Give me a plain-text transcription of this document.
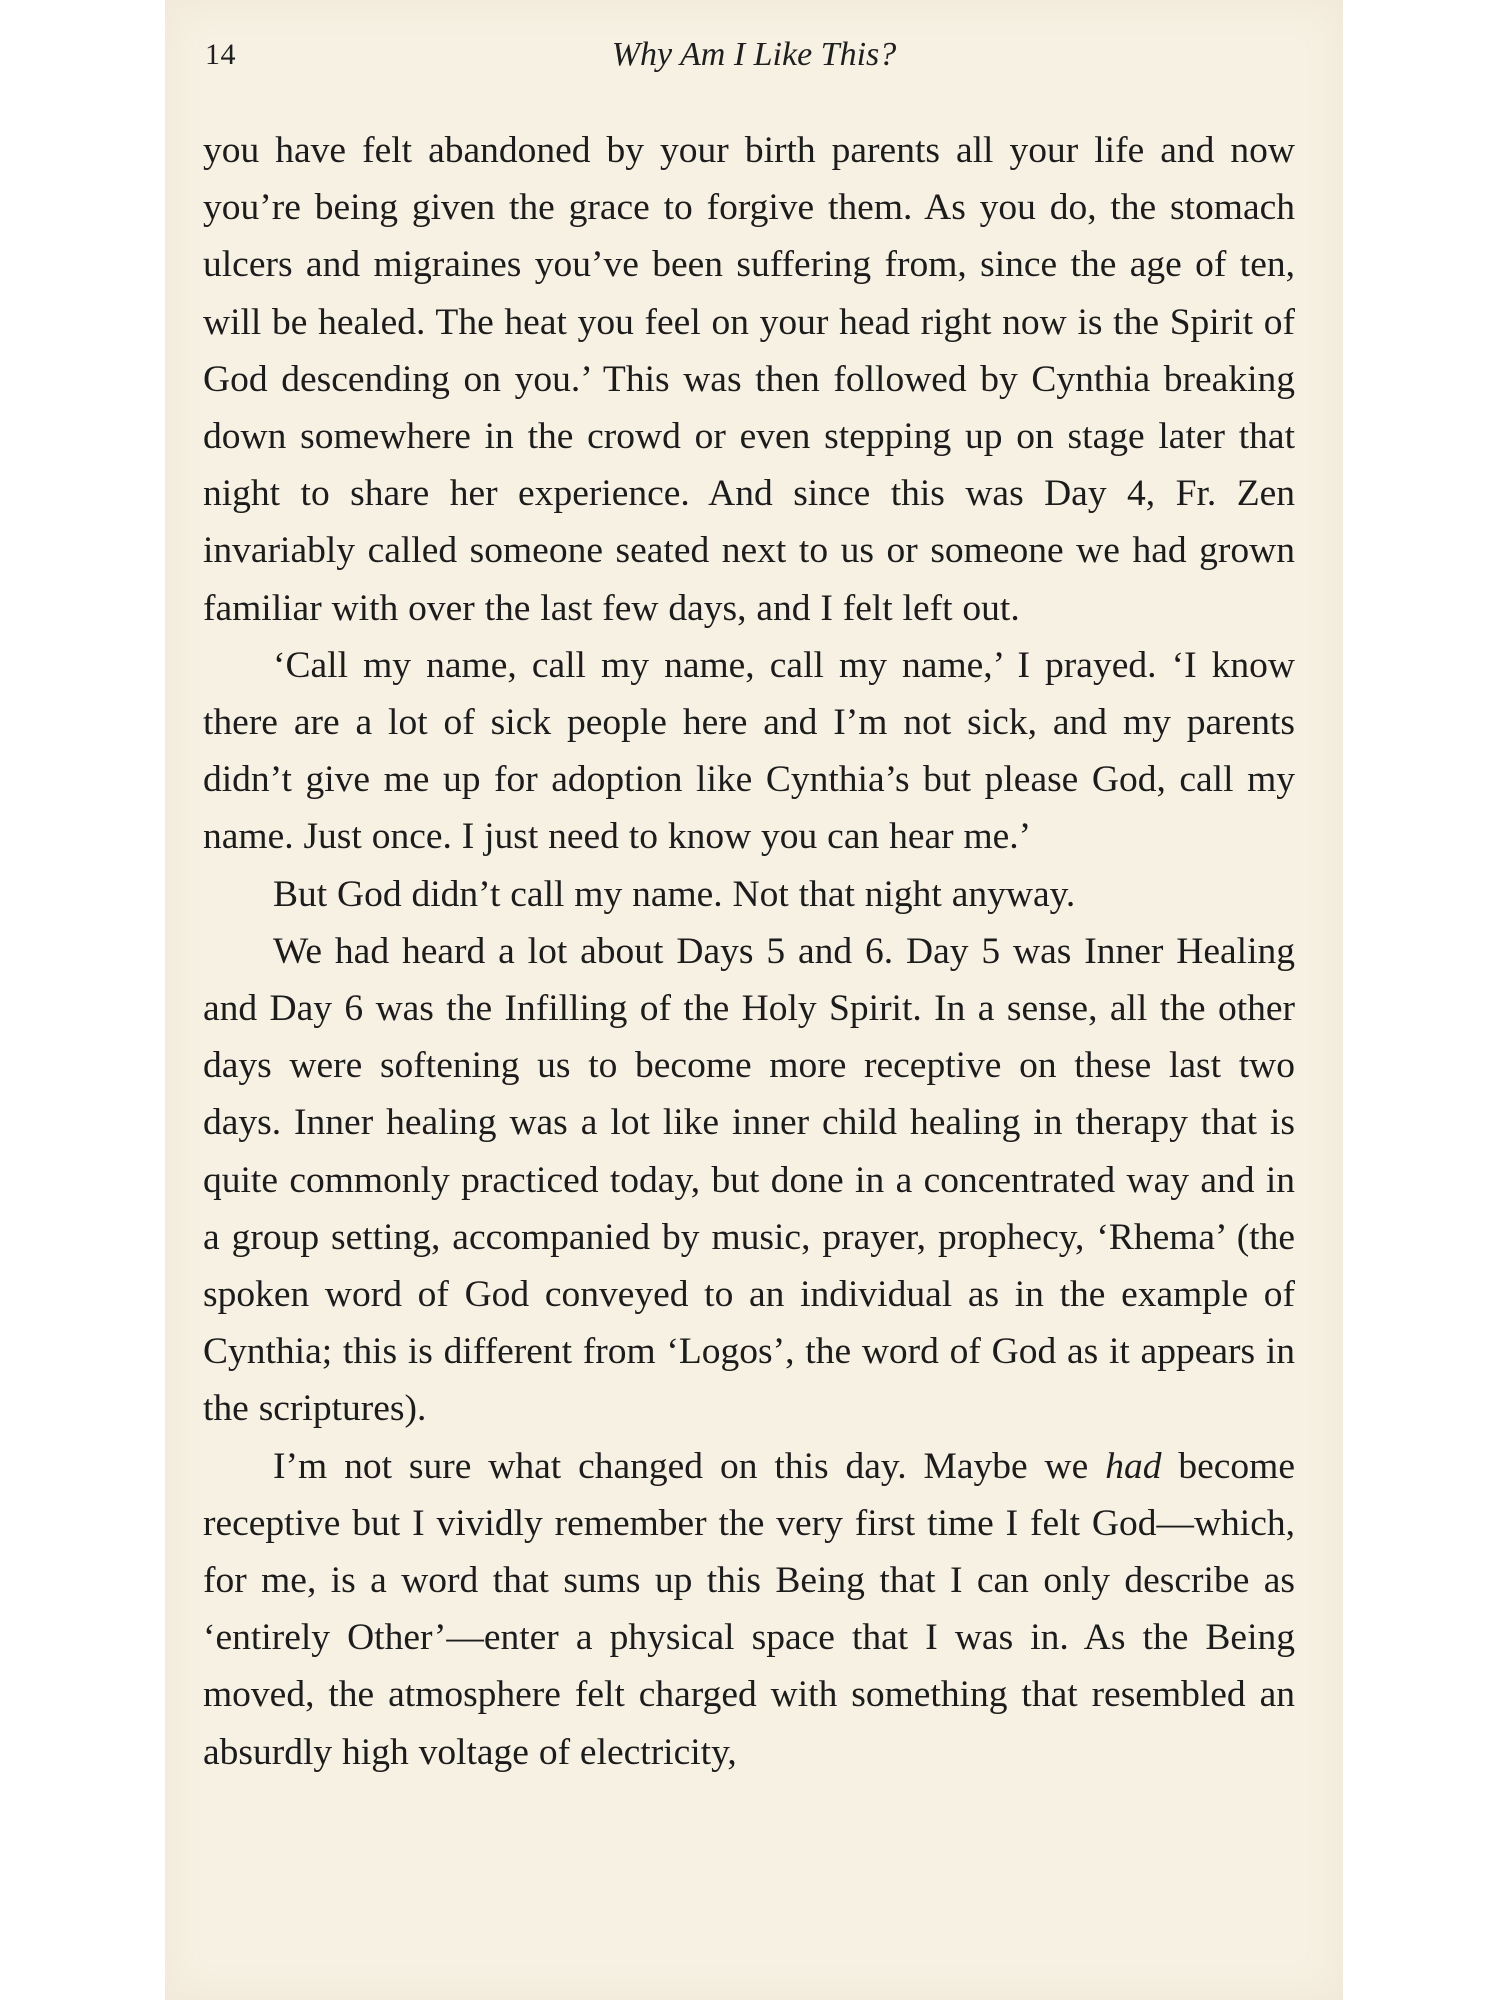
14	Why Am I Like This?

you have felt abandoned by your birth parents all your life and now you’re being given the grace to forgive them. As you do, the stomach ulcers and migraines you’ve been suffering from, since the age of ten, will be healed. The heat you feel on your head right now is the Spirit of God descending on you.’ This was then followed by Cynthia breaking down somewhere in the crowd or even stepping up on stage later that night to share her experience. And since this was Day 4, Fr. Zen invariably called someone seated next to us or someone we had grown familiar with over the last few days, and I felt left out.

‘Call my name, call my name, call my name,’ I prayed. ‘I know there are a lot of sick people here and I’m not sick, and my parents didn’t give me up for adoption like Cynthia’s but please God, call my name. Just once. I just need to know you can hear me.’

But God didn’t call my name. Not that night anyway.

We had heard a lot about Days 5 and 6. Day 5 was Inner Healing and Day 6 was the Infilling of the Holy Spirit. In a sense, all the other days were softening us to become more receptive on these last two days. Inner healing was a lot like inner child healing in therapy that is quite commonly practiced today, but done in a concentrated way and in a group setting, accompanied by music, prayer, prophecy, ‘Rhema’ (the spoken word of God conveyed to an individual as in the example of Cynthia; this is different from ‘Logos’, the word of God as it appears in the scriptures).

I’m not sure what changed on this day. Maybe we had become receptive but I vividly remember the very first time I felt God—which, for me, is a word that sums up this Being that I can only describe as ‘entirely Other’—enter a physical space that I was in. As the Being moved, the atmosphere felt charged with something that resembled an absurdly high voltage of electricity,
